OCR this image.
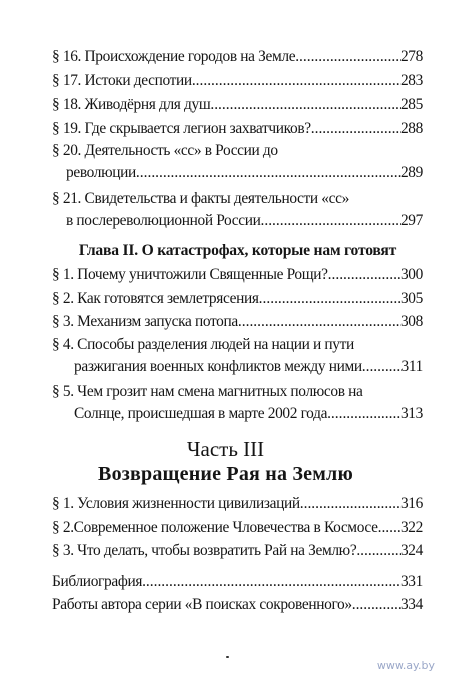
§ 16. Происхождение городов на Земле .....	278
§ 17. Истоки деспотии .....	283
§ 18. Живодёрня для душ .....	285
§ 19. Где скрывается легион захватчиков? .....	288
§ 20. Деятельность «сс» в России до
революции .....	289
§ 21. Свидетельства и факты деятельности «сс»
в послереволюционной России .....	297
Глава II. О катастрофах, которые нам готовят
§ 1. Почему уничтожили Священные Рощи? .....	300
§ 2. Как готовятся землетрясения .....	305
§ 3. Механизм запуска потопа .....	308
§ 4. Способы разделения людей на нации и пути
разжигания военных конфликтов между ними .....	311
§ 5. Чем грозит нам смена магнитных полюсов на
Солнце, происшедшая в марте 2002 года .....	313
Часть III
Возвращение Рая на Землю
§ 1. Условия жизненности цивилизаций .....	316
§ 2.Современное положение Чловечества в Космосе ..... 322
§ 3. Что делать, чтобы возвратить Рай на Землю? .....	324
Библиография .....	331
Работы автора серии «В поисках сокровенного» .....	334
www.ay.by
